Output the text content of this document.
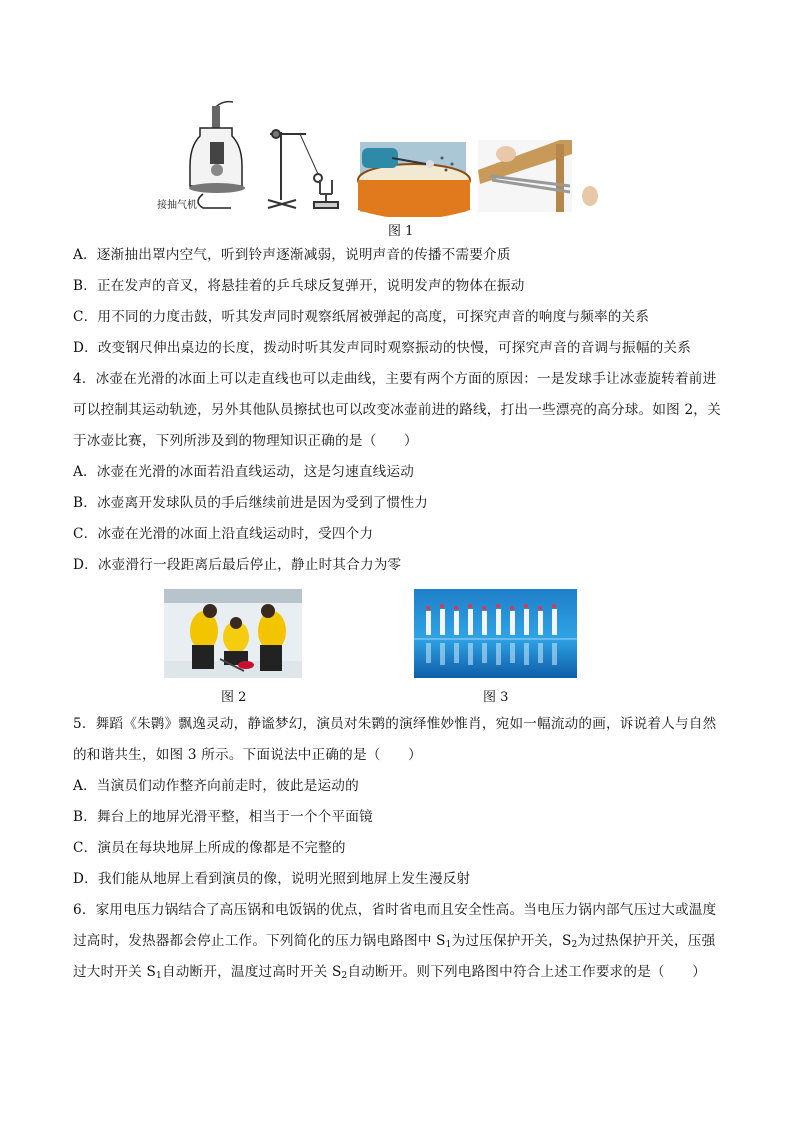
接抽气机
图 1
A．逐渐抽出罩内空气，听到铃声逐渐减弱，说明声音的传播不需要介质
B．正在发声的音叉，将悬挂着的乒乓球反复弹开，说明发声的物体在振动
C．用不同的力度击鼓，听其发声同时观察纸屑被弹起的高度，可探究声音的响度与频率的关系
D．改变钢尺伸出桌边的长度，拨动时听其发声同时观察振动的快慢，可探究声音的音调与振幅的关系
4．冰壶在光滑的冰面上可以走直线也可以走曲线，主要有两个方面的原因：一是发球手让冰壶旋转着前进
可以控制其运动轨迹，另外其他队员擦拭也可以改变冰壶前进的路线，打出一些漂亮的高分球。如图 2，关
于冰壶比赛，下列所涉及到的物理知识正确的是（　　）
A．冰壶在光滑的冰面若沿直线运动，这是匀速直线运动
B．冰壶离开发球队员的手后继续前进是因为受到了惯性力
C．冰壶在光滑的冰面上沿直线运动时，受四个力
D．冰壶滑行一段距离后最后停止，静止时其合力为零
图 2	图 3
5．舞蹈《朱鹮》飘逸灵动，静谧梦幻，演员对朱鹮的演绎惟妙惟肖，宛如一幅流动的画，诉说着人与自然
的和谐共生，如图 3 所示。下面说法中正确的是（　　）
A．当演员们动作整齐向前走时，彼此是运动的
B．舞台上的地屏光滑平整，相当于一个个平面镜
C．演员在每块地屏上所成的像都是不完整的
D．我们能从地屏上看到演员的像，说明光照到地屏上发生漫反射
6．家用电压力锅结合了高压锅和电饭锅的优点，省时省电而且安全性高。当电压力锅内部气压过大或温度
过高时，发热器都会停止工作。下列简化的压力锅电路图中 $S_1$为过压保护开关，$S_2$为过热保护开关，压强
过大时开关 $S_1$自动断开，温度过高时开关 $S_2$自动断开。则下列电路图中符合上述工作要求的是（　　）
